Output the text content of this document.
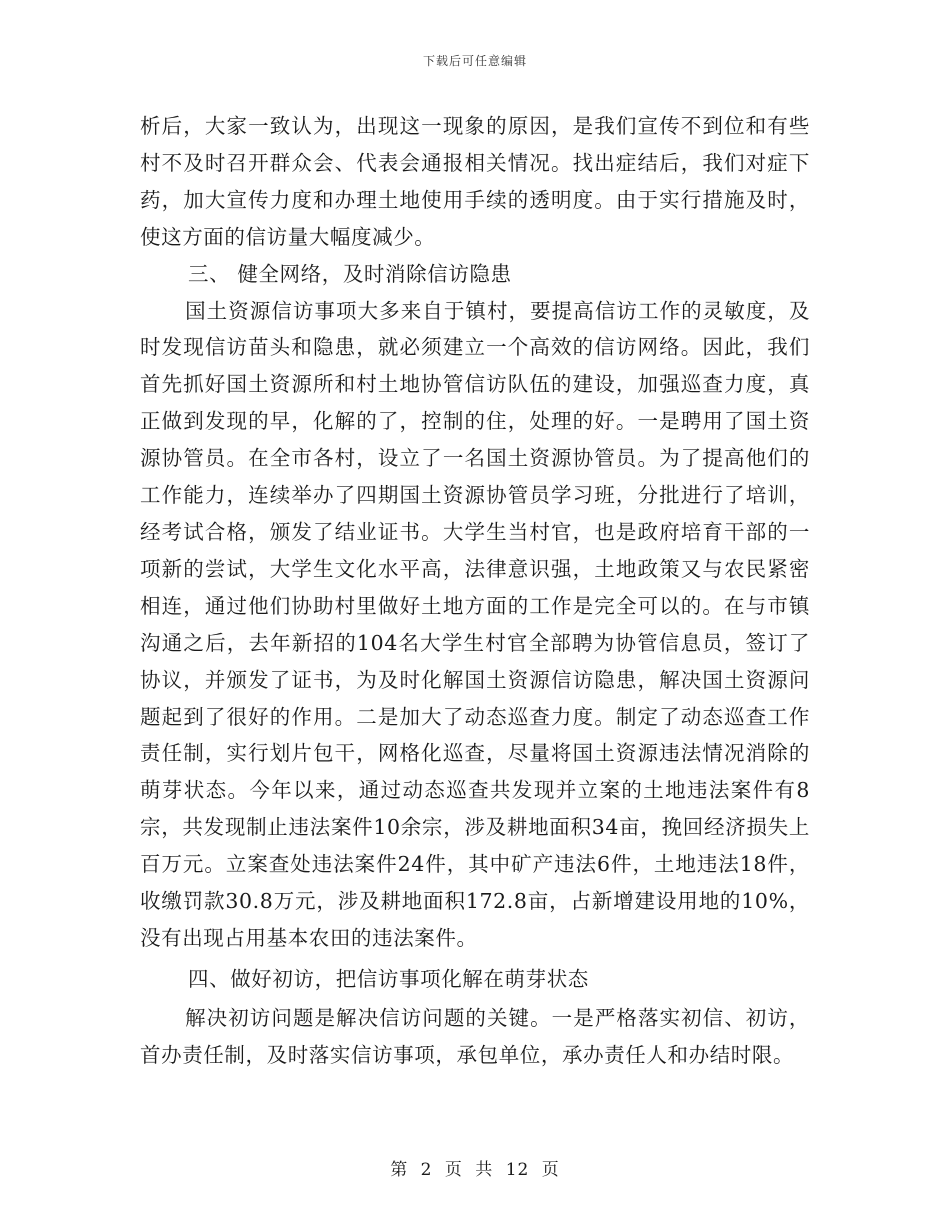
下载后可任意编辑

析后，大家一致认为，出现这一现象的原因，是我们宣传不到位和有些村不及时召开群众会、代表会通报相关情况。找出症结后，我们对症下药，加大宣传力度和办理土地使用手续的透明度。由于实行措施及时，使这方面的信访量大幅度减少。

三、 健全网络，及时消除信访隐患

国土资源信访事项大多来自于镇村，要提高信访工作的灵敏度，及时发现信访苗头和隐患，就必须建立一个高效的信访网络。因此，我们首先抓好国土资源所和村土地协管信访队伍的建设，加强巡查力度，真正做到发现的早，化解的了，控制的住，处理的好。一是聘用了国土资源协管员。在全市各村，设立了一名国土资源协管员。为了提高他们的工作能力，连续举办了四期国土资源协管员学习班，分批进行了培训，经考试合格，颁发了结业证书。大学生当村官，也是政府培育干部的一项新的尝试，大学生文化水平高，法律意识强，土地政策又与农民紧密相连，通过他们协助村里做好土地方面的工作是完全可以的。在与市镇沟通之后，去年新招的104名大学生村官全部聘为协管信息员，签订了协议，并颁发了证书，为及时化解国土资源信访隐患，解决国土资源问题起到了很好的作用。二是加大了动态巡查力度。制定了动态巡查工作责任制，实行划片包干，网格化巡查，尽量将国土资源违法情况消除的萌芽状态。今年以来，通过动态巡查共发现并立案的土地违法案件有8宗，共发现制止违法案件10余宗，涉及耕地面积34亩，挽回经济损失上百万元。立案查处违法案件24件，其中矿产违法6件，土地违法18件，收缴罚款30.8万元，涉及耕地面积172.8亩，占新增建设用地的10%，没有出现占用基本农田的违法案件。

四、做好初访，把信访事项化解在萌芽状态

解决初访问题是解决信访问题的关键。一是严格落实初信、初访，首办责任制，及时落实信访事项，承包单位，承办责任人和办结时限。

第 2 页 共 12 页
